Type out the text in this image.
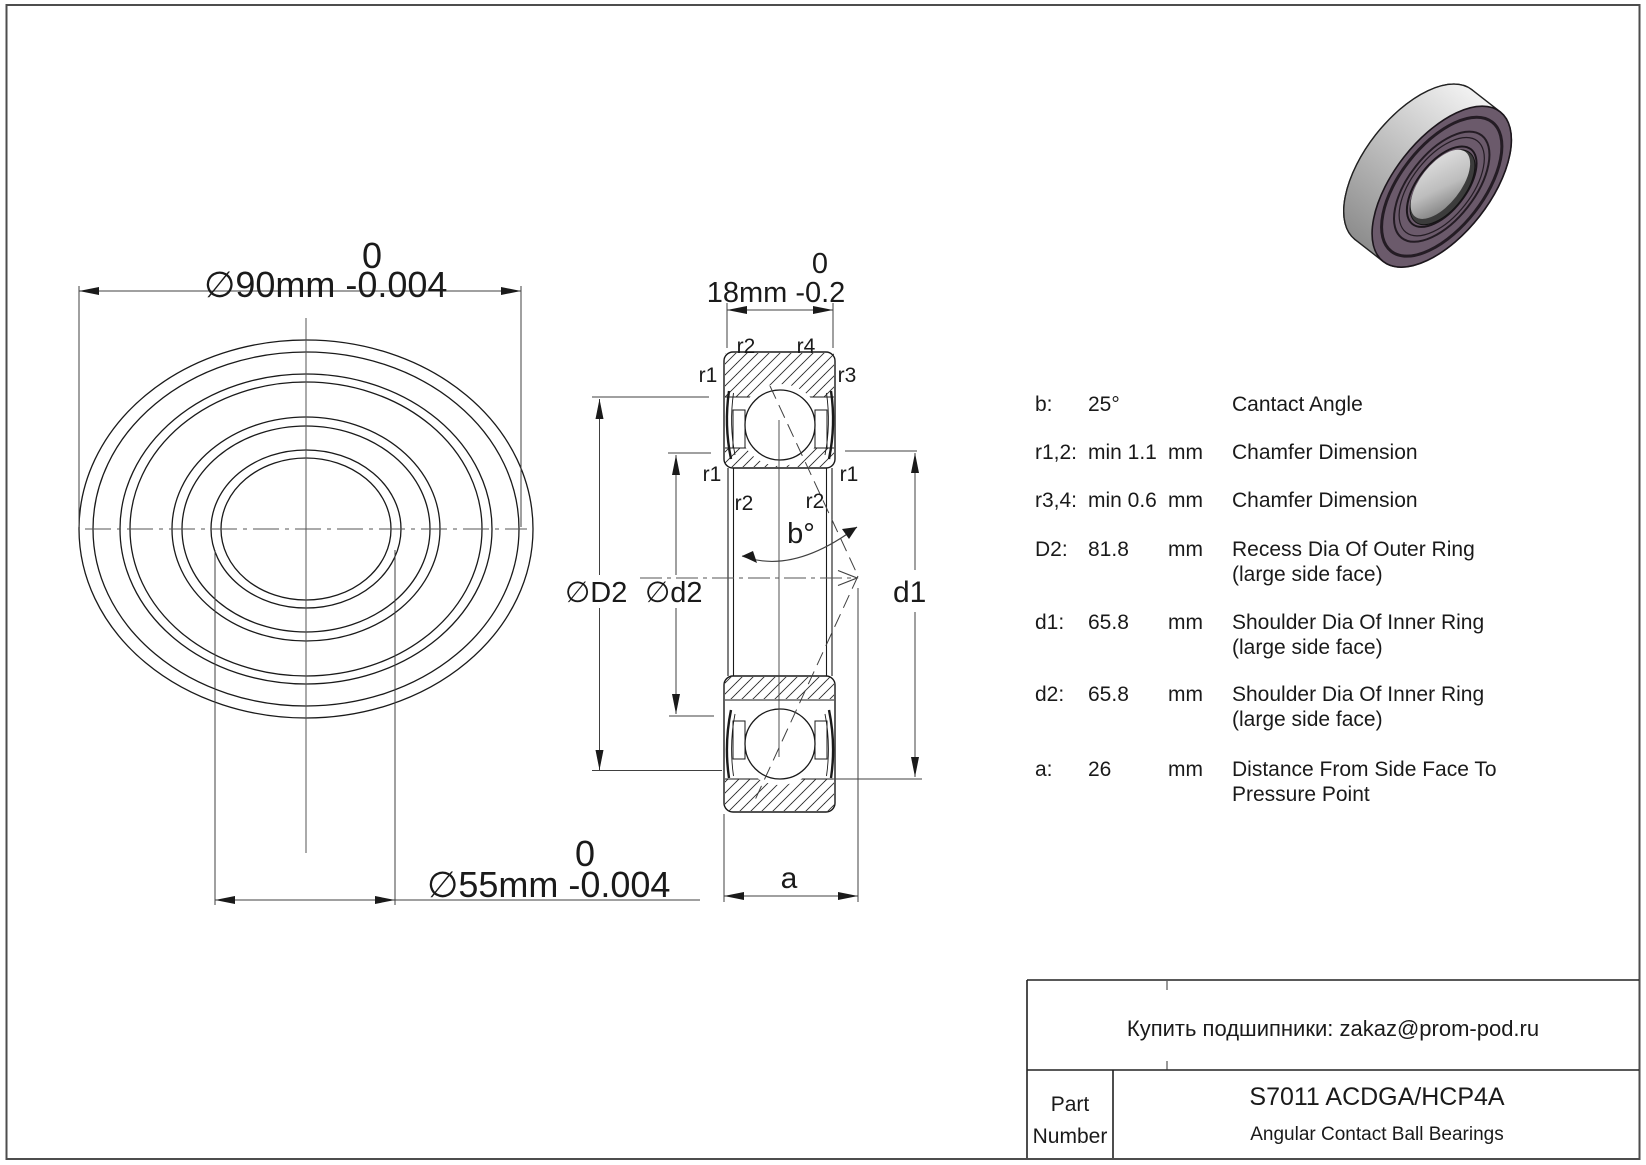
0
∅90mm -0.004
0
∅55mm -0.004
0
18mm -0.2
r2 r4
r1	r3
r1	r1
r2 r2
b°
∅D2 ∅d2	d1
a
b: 25°	Cantact Angle
r1,2: min 1.1 mm Chamfer Dimension
r3,4: min 0.6 mm Chamfer Dimension
D2: 81.8 mm Recess Dia Of Outer Ring
(large side face)
d1: 65.8 mm Shoulder Dia Of Inner Ring
(large side face)
d2: 65.8 mm Shoulder Dia Of Inner Ring
(large side face)
a: 26	mm Distance From Side Face To
Pressure Point
Купить подшипники: zakaz@prom-pod.ru
Part
Number
S7011 ACDGA/HCP4A
Angular Contact Ball Bearings
